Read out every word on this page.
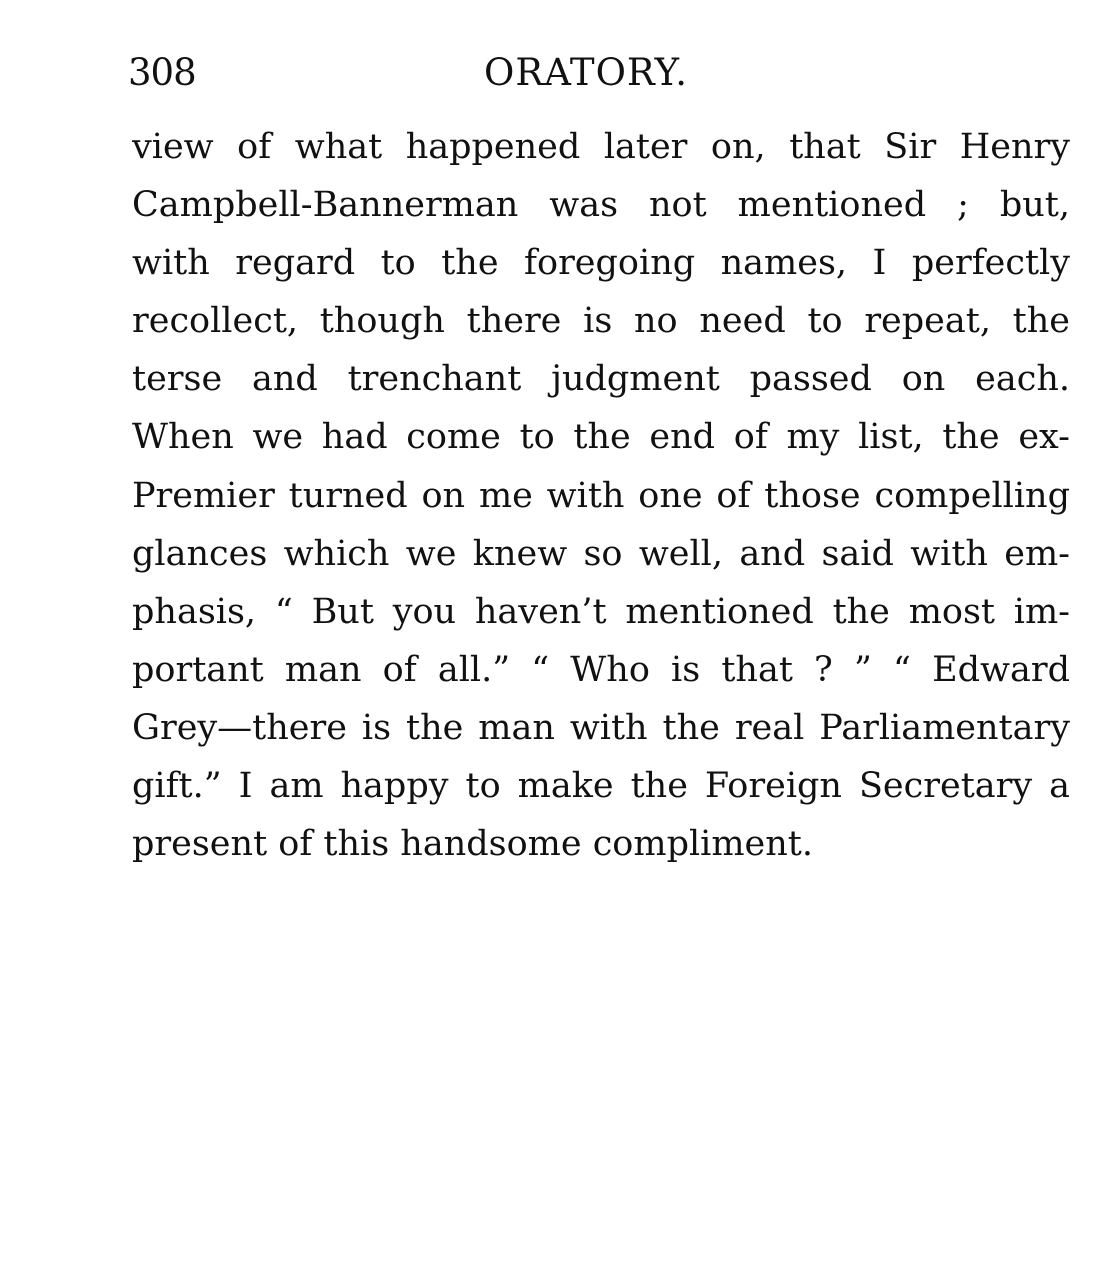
308	ORATORY.
view of what happened later on, that Sir Henry
Campbell-Bannerman was not mentioned ; but,
with regard to the foregoing names, I perfectly
recollect, though there is no need to repeat, the
terse and trenchant judgment passed on each.
When we had come to the end of my list, the ex-
Premier turned on me with one of those compelling
glances which we knew so well, and said with em-
phasis, “ But you haven’t mentioned the most im-
portant man of all.” “ Who is that ? ” “ Edward
Grey—there is the man with the real Parliamentary
gift.” I am happy to make the Foreign Secretary a
present of this handsome compliment.
